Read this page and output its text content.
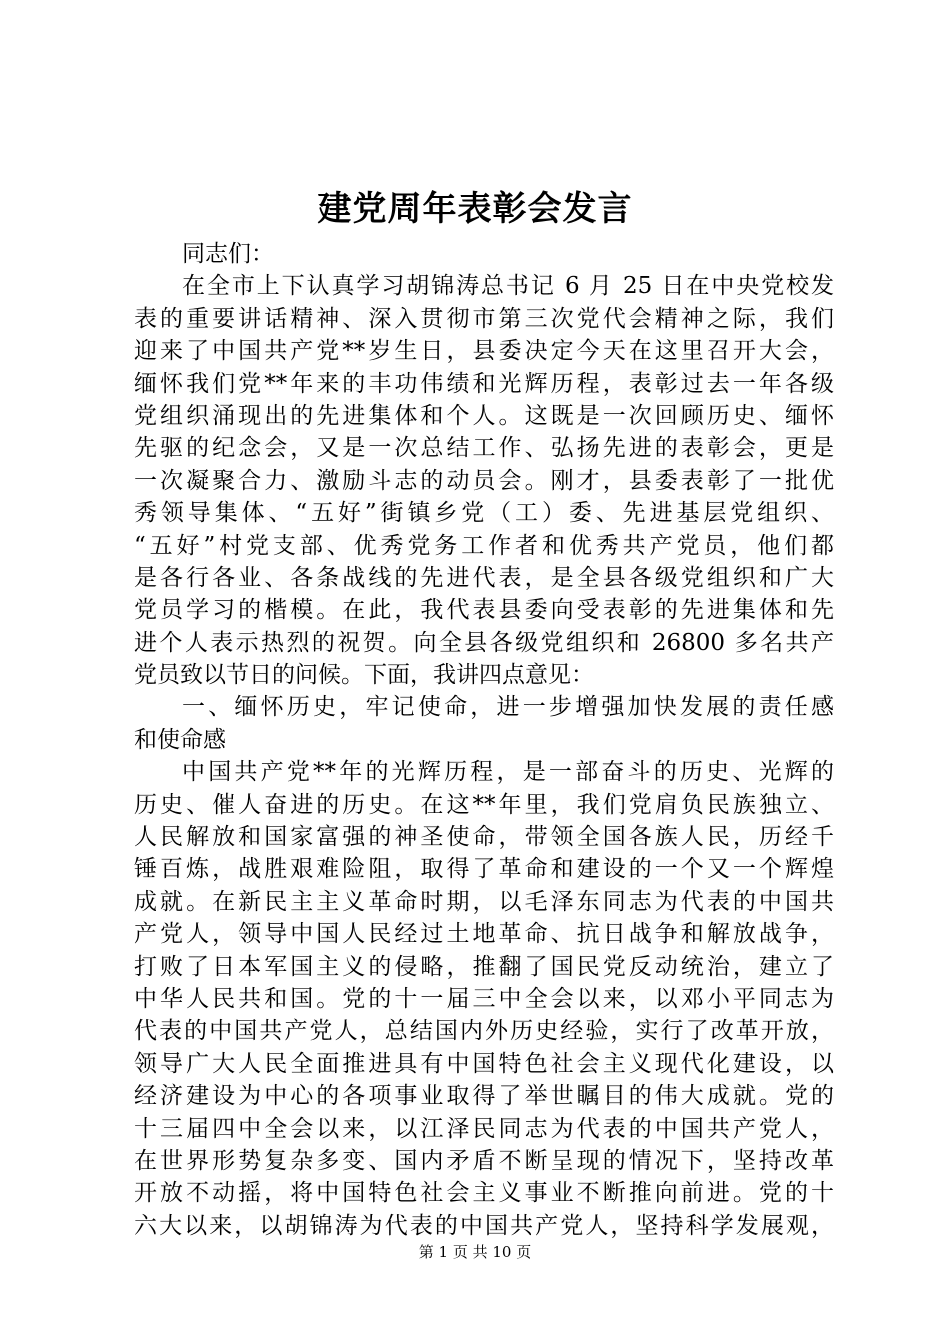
建党周年表彰会发言
同志们：
在全市上下认真学习胡锦涛总书记 6 月 25 日在中央党校发
表的重要讲话精神、深入贯彻市第三次党代会精神之际，我们
迎来了中国共产党**岁生日，县委决定今天在这里召开大会，
缅怀我们党**年来的丰功伟绩和光辉历程，表彰过去一年各级
党组织涌现出的先进集体和个人。这既是一次回顾历史、缅怀
先驱的纪念会，又是一次总结工作、弘扬先进的表彰会，更是
一次凝聚合力、激励斗志的动员会。刚才，县委表彰了一批优
秀领导集体、“五好”街镇乡党（工）委、先进基层党组织、
“五好”村党支部、优秀党务工作者和优秀共产党员，他们都
是各行各业、各条战线的先进代表，是全县各级党组织和广大
党员学习的楷模。在此，我代表县委向受表彰的先进集体和先
进个人表示热烈的祝贺。向全县各级党组织和 26800 多名共产
党员致以节日的问候。下面，我讲四点意见：
一、缅怀历史，牢记使命，进一步增强加快发展的责任感
和使命感
中国共产党**年的光辉历程，是一部奋斗的历史、光辉的
历史、催人奋进的历史。在这**年里，我们党肩负民族独立、
人民解放和国家富强的神圣使命，带领全国各族人民，历经千
锤百炼，战胜艰难险阻，取得了革命和建设的一个又一个辉煌
成就。在新民主主义革命时期，以毛泽东同志为代表的中国共
产党人，领导中国人民经过土地革命、抗日战争和解放战争，
打败了日本军国主义的侵略，推翻了国民党反动统治，建立了
中华人民共和国。党的十一届三中全会以来，以邓小平同志为
代表的中国共产党人，总结国内外历史经验，实行了改革开放，
领导广大人民全面推进具有中国特色社会主义现代化建设，以
经济建设为中心的各项事业取得了举世瞩目的伟大成就。党的
十三届四中全会以来，以江泽民同志为代表的中国共产党人，
在世界形势复杂多变、国内矛盾不断呈现的情况下，坚持改革
开放不动摇，将中国特色社会主义事业不断推向前进。党的十
六大以来，以胡锦涛为代表的中国共产党人，坚持科学发展观，
第 1 页 共 10 页
